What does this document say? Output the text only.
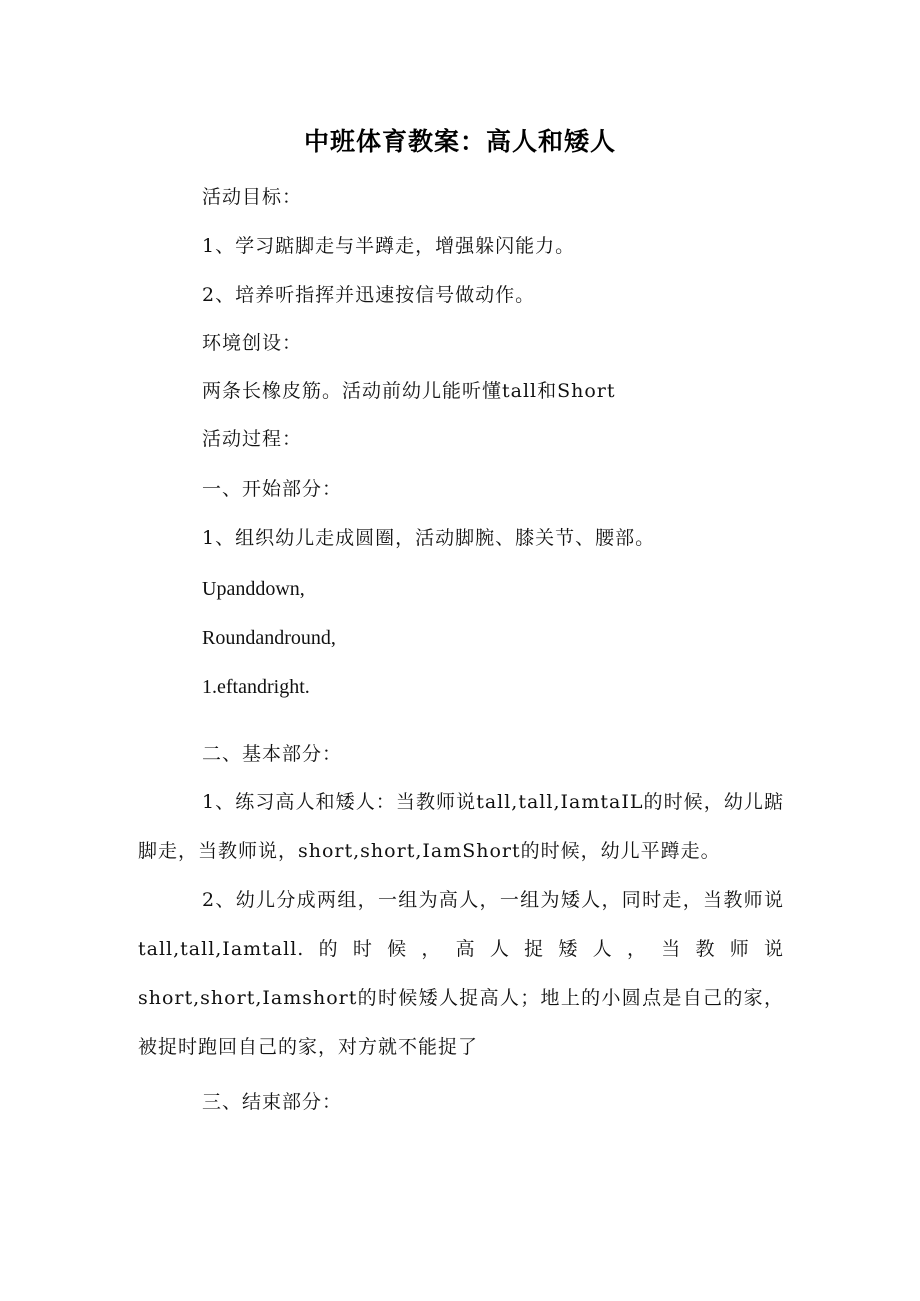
中班体育教案：高人和矮人
活动目标：
1、学习踮脚走与半蹲走，增强躲闪能力。
2、培养听指挥并迅速按信号做动作。
环境创设：
两条长橡皮筋。活动前幼儿能听懂tall和Short
活动过程：
一、开始部分：
1、组织幼儿走成圆圈，活动脚腕、膝关节、腰部。
Upanddown,
Roundandround,
1.eftandright.
二、基本部分：
1、练习高人和矮人：当教师说tall,tall,IamtaIL的时候，幼儿踮脚走，当教师说，short,short,IamShort的时候，幼儿平蹲走。
2、幼儿分成两组，一组为高人，一组为矮人，同时走，当教师说tall,tall,Iamtall.的时候，高人捉矮人，当教师说short,short,Iamshort的时候矮人捉高人；地上的小圆点是自己的家，被捉时跑回自己的家，对方就不能捉了
三、结束部分：
